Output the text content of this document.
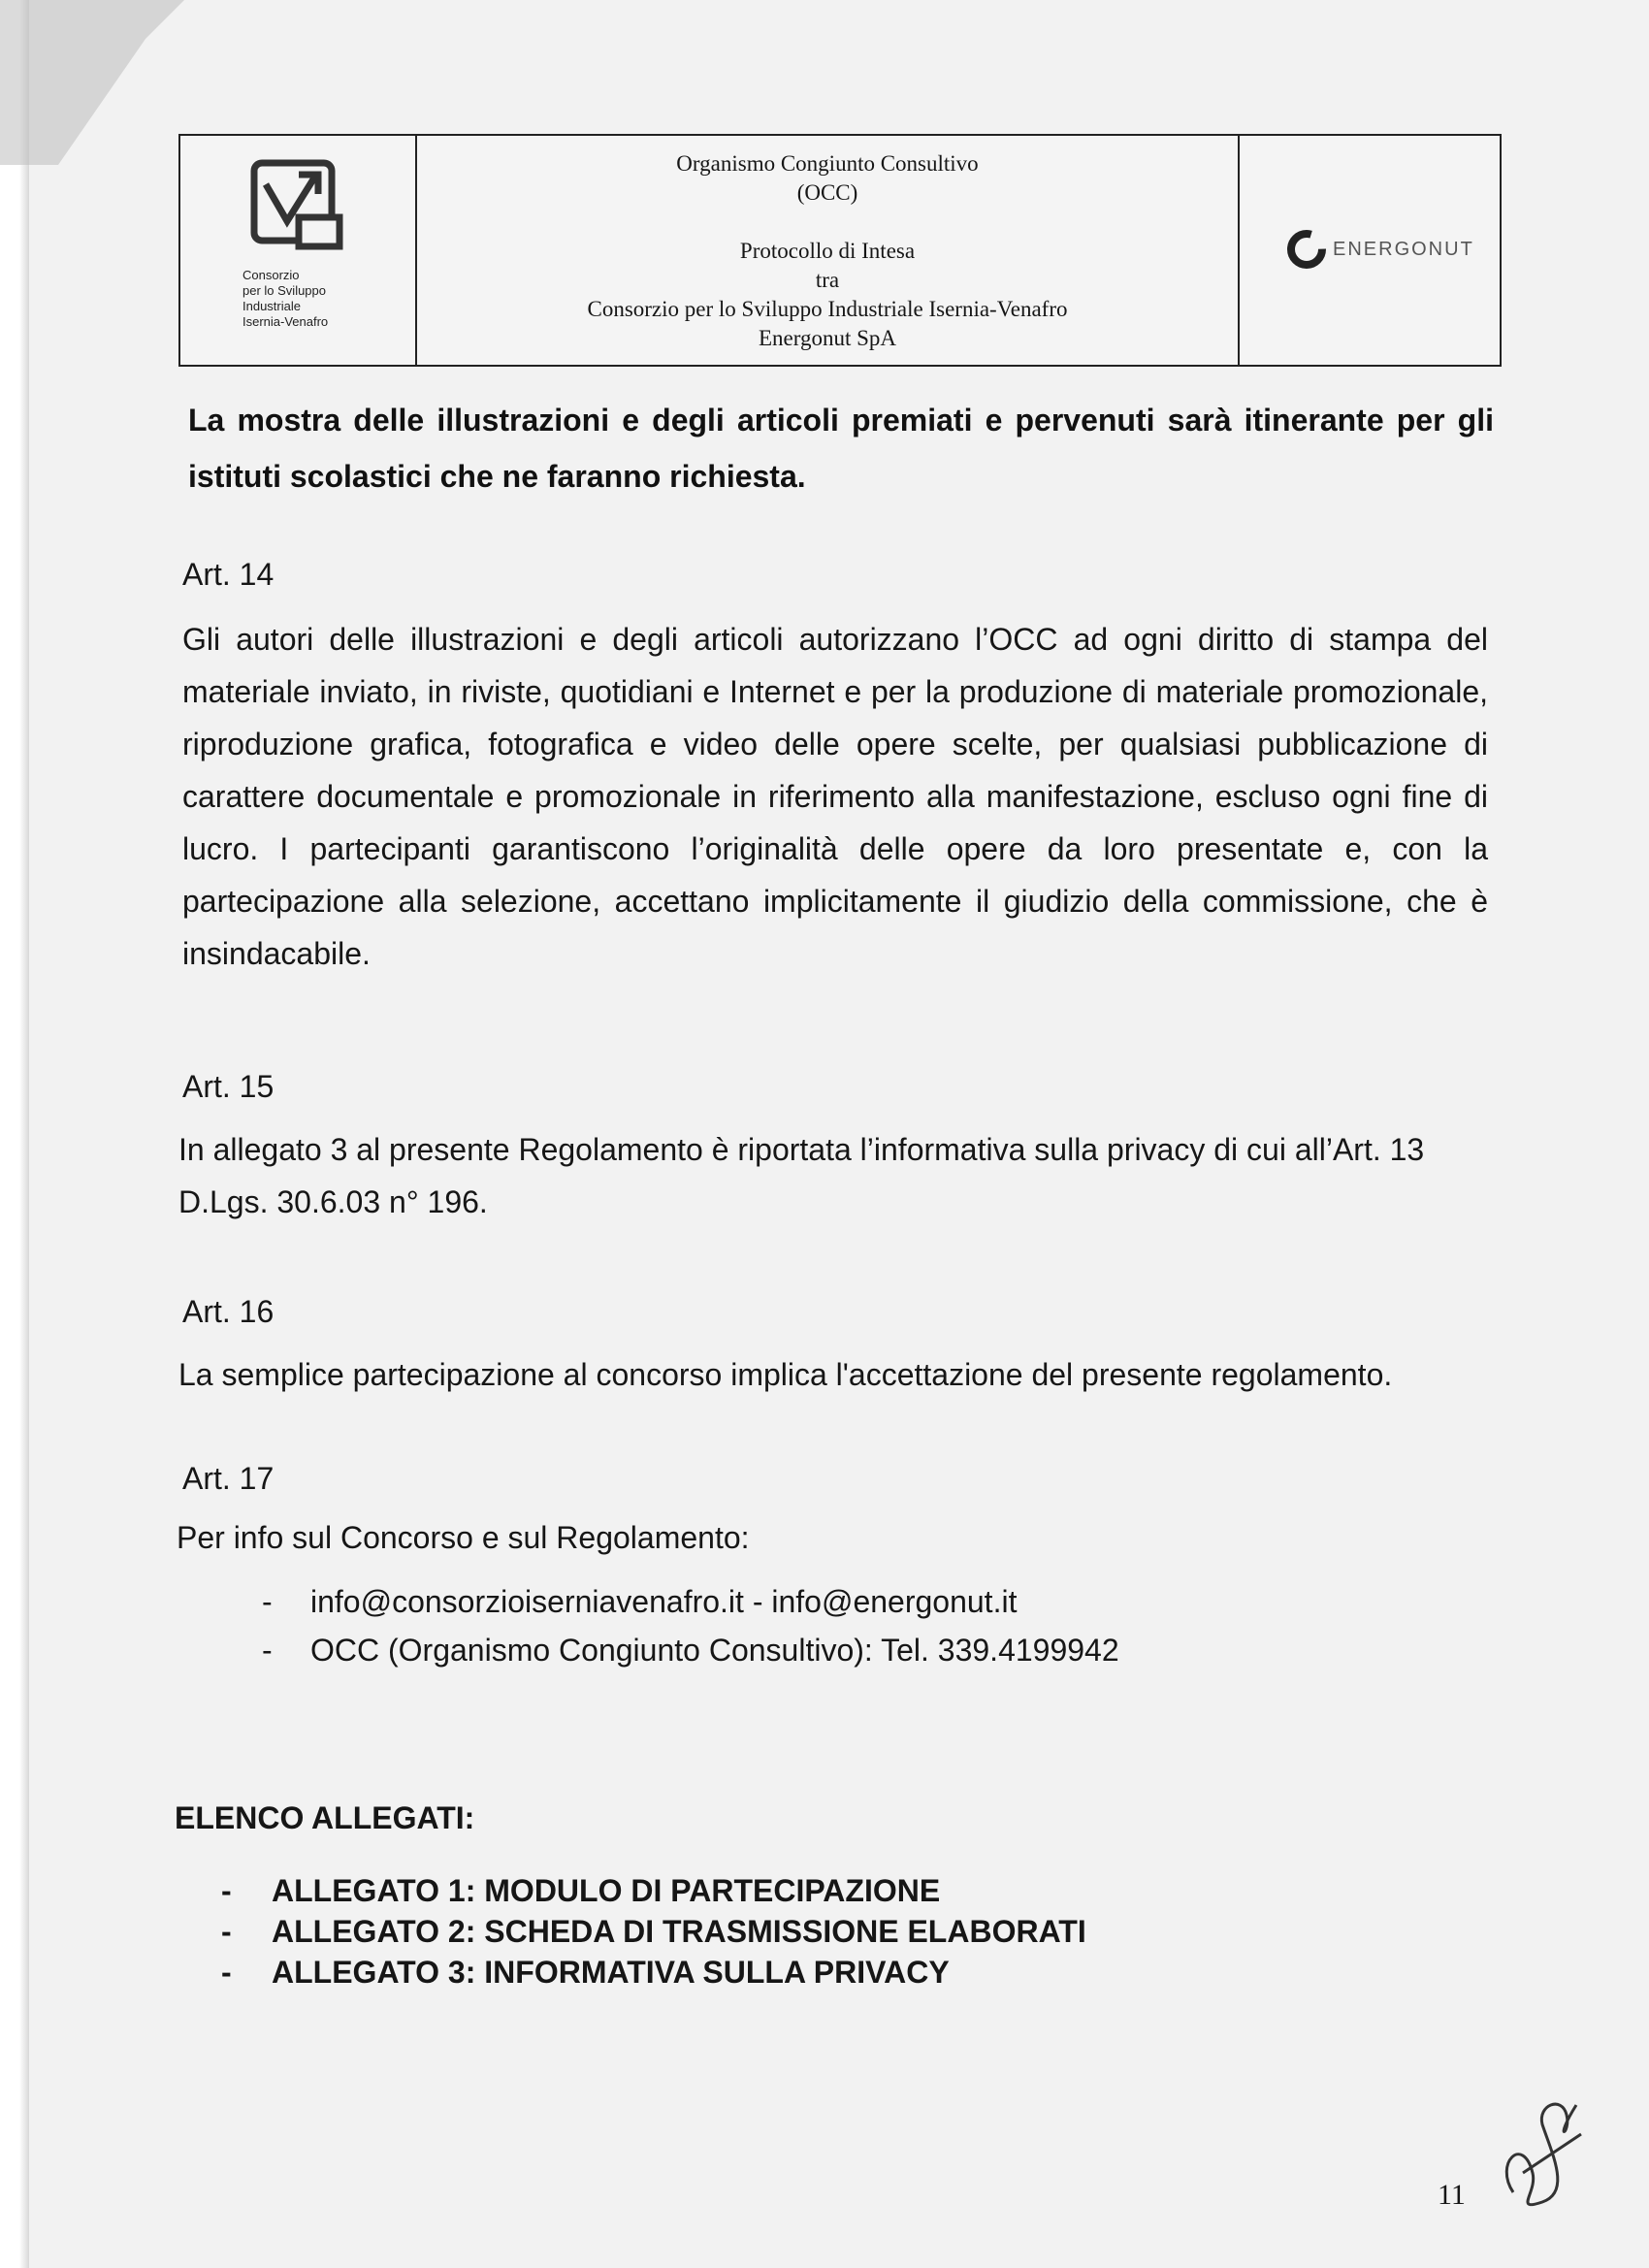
Consorzio
per lo Sviluppo
Industriale
Isernia-Venafro
Organismo Congiunto Consultivo
(OCC)
Protocollo di Intesa
tra
Consorzio per lo Sviluppo Industriale Isernia-Venafro
Energonut SpA
ENERGONUT
La mostra delle illustrazioni e degli articoli premiati e pervenuti sarà itinerante per gli istituti scolastici che ne faranno richiesta.
Art. 14
Gli autori delle illustrazioni e degli articoli autorizzano l’OCC ad ogni diritto di stampa del materiale inviato, in riviste, quotidiani e Internet e per la produzione di materiale promozionale, riproduzione grafica, fotografica e video delle opere scelte, per qualsiasi pubblicazione di carattere documentale e promozionale in riferimento alla manifestazione, escluso ogni fine di lucro. I partecipanti garantiscono l’originalità delle opere da loro presentate e, con la partecipazione alla selezione, accettano implicitamente il giudizio della commissione, che è insindacabile.
Art. 15
In allegato 3 al presente Regolamento è riportata l’informativa sulla privacy di cui all’Art. 13 D.Lgs. 30.6.03 n° 196.
Art. 16
La semplice partecipazione al concorso implica l'accettazione del presente regolamento.
Art. 17
Per info sul Concorso e sul Regolamento:
-	info@consorzioiserniavenafro.it - info@energonut.it
-	OCC (Organismo Congiunto Consultivo): Tel. 339.4199942
ELENCO ALLEGATI:
-	ALLEGATO 1: MODULO DI PARTECIPAZIONE
-	ALLEGATO 2: SCHEDA DI TRASMISSIONE ELABORATI
-	ALLEGATO 3: INFORMATIVA SULLA PRIVACY
11
